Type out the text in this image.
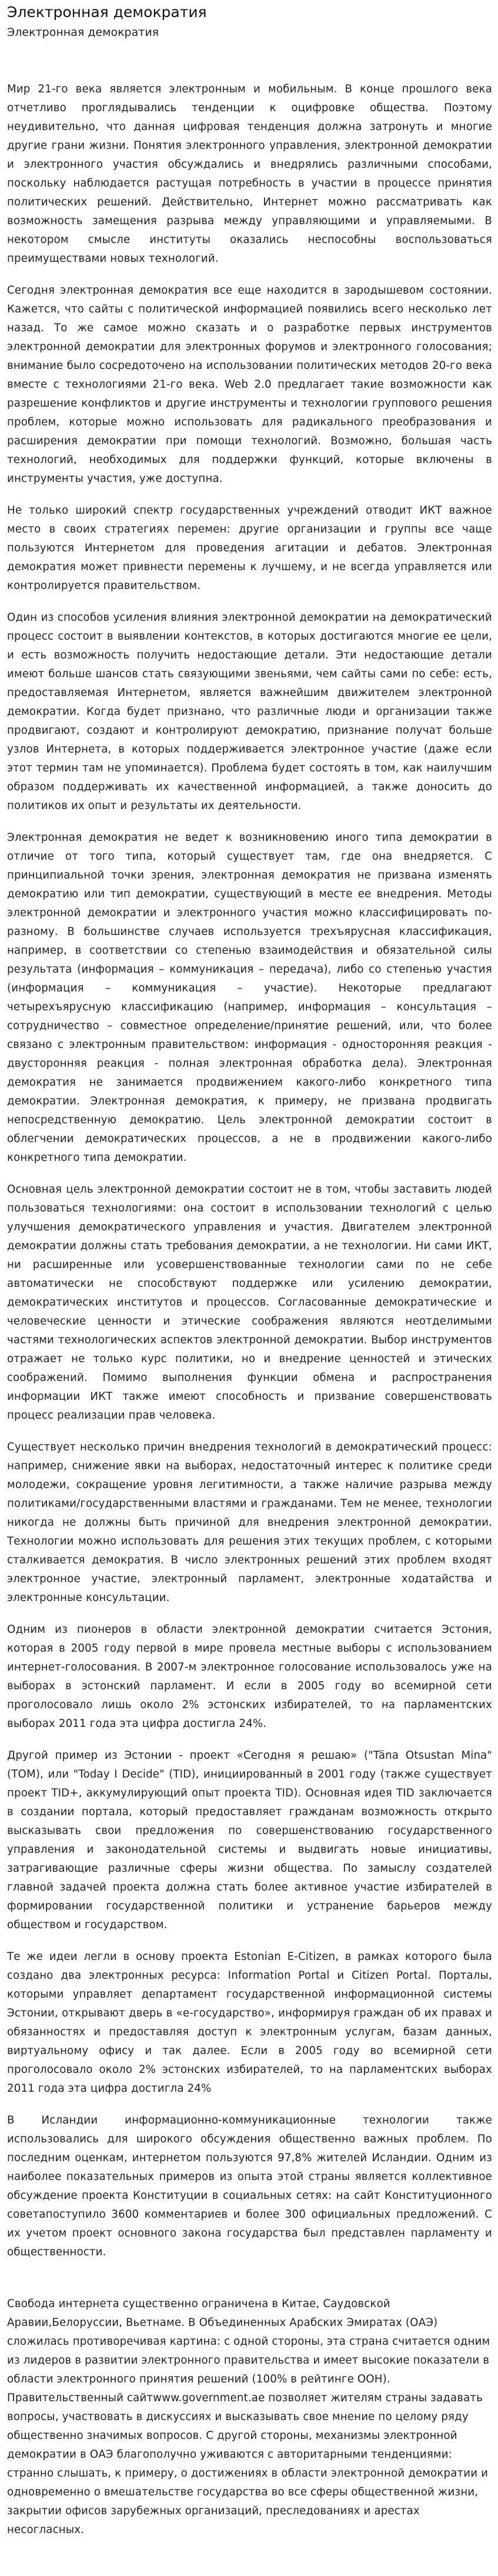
Электронная демократия
Электронная демократия

Мир 21-го века является электронным и мобильным. В конце прошлого века отчетливо проглядывались тенденции к оцифровке общества. Поэтому неудивительно, что данная цифровая тенденция должна затронуть и многие другие грани жизни. Понятия электронного управления, электронной демократии и электронного участия обсуждались и внедрялись различными способами, поскольку наблюдается растущая потребность в участии в процессе принятия политических решений. Действительно, Интернет можно рассматривать как возможность замещения разрыва между управляющими и управляемыми. В некотором смысле институты оказались неспособны воспользоваться преимуществами новых технологий.

Сегодня электронная демократия все еще находится в зародышевом состоянии. Кажется, что сайты с политической информацией появились всего несколько лет назад. То же самое можно сказать и о разработке первых инструментов электронной демократии для электронных форумов и электронного голосования; внимание было сосредоточено на использовании политических методов 20-го века вместе с технологиями 21-го века. Web 2.0 предлагает такие возможности как разрешение конфликтов и другие инструменты и технологии группового решения проблем, которые можно использовать для радикального преобразования и расширения демократии при помощи технологий. Возможно, большая часть технологий, необходимых для поддержки функций, которые включены в инструменты участия, уже доступна.

Не только широкий спектр государственных учреждений отводит ИКТ важное место в своих стратегиях перемен: другие организации и группы все чаще пользуются Интернетом для проведения агитации и дебатов. Электронная демократия может привнести перемены к лучшему, и не всегда управляется или контролируется правительством.

Один из способов усиления влияния электронной демократии на демократический процесс состоит в выявлении контекстов, в которых достигаются многие ее цели, и есть возможность получить недостающие детали. Эти недостающие детали имеют больше шансов стать связующими звеньями, чем сайты сами по себе: есть, предоставляемая Интернетом, является важнейшим движителем электронной демократии. Когда будет признано, что различные люди и организации также продвигают, создают и контролируют демократию, признание получат больше узлов Интернета, в которых поддерживается электронное участие (даже если этот термин там не упоминается). Проблема будет состоять в том, как наилучшим образом поддерживать их качественной информацией, а также доносить до политиков их опыт и результаты их деятельности.

Электронная демократия не ведет к возникновению иного типа демократии в отличие от того типа, который существует там, где она внедряется. С принципиальной точки зрения, электронная демократия не призвана изменять демократию или тип демократии, существующий в месте ее внедрения. Методы электронной демократии и электронного участия можно классифицировать по-разному. В большинстве случаев используется трехъярусная классификация, например, в соответствии со степенью взаимодействия и обязательной силы результата (информация – коммуникация – передача), либо со степенью участия (информация – коммуникация – участие). Некоторые предлагают четырехъярусную классификацию (например, информация – консультация – сотрудничество – совместное определение/принятие решений, или, что более связано с электронным правительством: информация - односторонняя реакция - двусторонняя реакция - полная электронная обработка дела). Электронная демократия не занимается продвижением какого-либо конкретного типа демократии. Электронная демократия, к примеру, не призвана продвигать непосредственную демократию. Цель электронной демократии состоит в облегчении демократических процессов, а не в продвижении какого-либо конкретного типа демократии.

Основная цель электронной демократии состоит не в том, чтобы заставить людей пользоваться технологиями: она состоит в использовании технологий с целью улучшения демократического управления и участия. Двигателем электронной демократии должны стать требования демократии, а не технологии. Ни сами ИКТ, ни расширенные или усовершенствованные технологии сами по не себе автоматически не способствуют поддержке или усилению демократии, демократических институтов и процессов. Согласованные демократические и человеческие ценности и этические соображения являются неотделимыми частями технологических аспектов электронной демократии. Выбор инструментов отражает не только курс политики, но и внедрение ценностей и этических соображений. Помимо выполнения функции обмена и распространения информации ИКТ также имеют способность и призвание совершенствовать процесс реализации прав человека.

Существует несколько причин внедрения технологий в демократический процесс: например, снижение явки на выборах, недостаточный интерес к политике среди молодежи, сокращение уровня легитимности, а также наличие разрыва между политиками/государственными властями и гражданами. Тем не менее, технологии никогда не должны быть причиной для внедрения электронной демократии. Технологии можно использовать для решения этих текущих проблем, с которыми сталкивается демократия. В число электронных решений этих проблем входят электронное участие, электронный парламент, электронные ходатайства и электронные консультации.

Одним из пионеров в области электронной демократии считается Эстония, которая в 2005 году первой в мире провела местные выборы с использованием интернет-голосования. В 2007-м электронное голосование использовалось уже на выборах в эстонский парламент. И если в 2005 году во всемирной сети проголосовало лишь около 2% эстонских избирателей, то на парламентских выборах 2011 года эта цифра достигла 24%.

Другой пример из Эстонии - проект «Сегодня я решаю» ("Täna Otsustan Mina" (TOM), или "Today I Decide" (TID), инициированный в 2001 году (также существует проект TID+, аккумулирующий опыт проекта TID). Основная идея TID заключается в создании портала, который предоставляет гражданам возможность открыто высказывать свои предложения по совершенствованию государственного управления и законодательной системы и выдвигать новые инициативы, затрагивающие различные сферы жизни общества. По замыслу создателей главной задачей проекта должна стать более активное участие избирателей в формировании государственной политики и устранение барьеров между обществом и государством.

Те же идеи легли в основу проекта Estonian E-Citizen, в рамках которого была создано два электронных ресурса: Information Portal и Citizen Portal. Порталы, которыми управляет департамент государственной информационной системы Эстонии, открывают дверь в «е-государство», информируя граждан об их правах и обязанностях и предоставляя доступ к электронным услугам, базам данных, виртуальному офису и так далее. Если в 2005 году во всемирной сети проголосовало около 2% эстонских избирателей, то на парламентских выборах 2011 года эта цифра достигла 24%

В Исландии информационно-коммуникационные технологии также использовались для широкого обсуждения общественно важных проблем. По последним оценкам, интернетом пользуются 97,8% жителей Исландии. Одним из наиболее показательных примеров из опыта этой страны является коллективное обсуждение проекта Конституции в социальных сетях: на сайт Конституционного советапоступило 3600 комментариев и более 300 официальных предложений. С их учетом проект основного закона государства был представлен парламенту и общественности.

Свобода интернета существенно ограничена в Китае, Саудовской Аравии,Белоруссии, Вьетнаме. В Объединенных Арабских Эмиратах (ОАЭ) сложилась противоречивая картина: с одной стороны, эта страна считается одним из лидеров в развитии электронного правительства и имеет высокие показатели в области электронного принятия решений (100% в рейтинге ООН). Правительственный сайтwww.government.ae позволяет жителям страны задавать вопросы, участвовать в дискуссиях и высказывать свое мнение по целому ряду общественно значимых вопросов. С другой стороны, механизмы электронной демократии в ОАЭ благополучно уживаются с авторитарными тенденциями: странно слышать, к примеру, о достижениях в области электронной демократии и одновременно о вмешательстве государства во все сферы общественной жизни, закрытии офисов зарубежных организаций, преследованиях и арестах несогласных.
